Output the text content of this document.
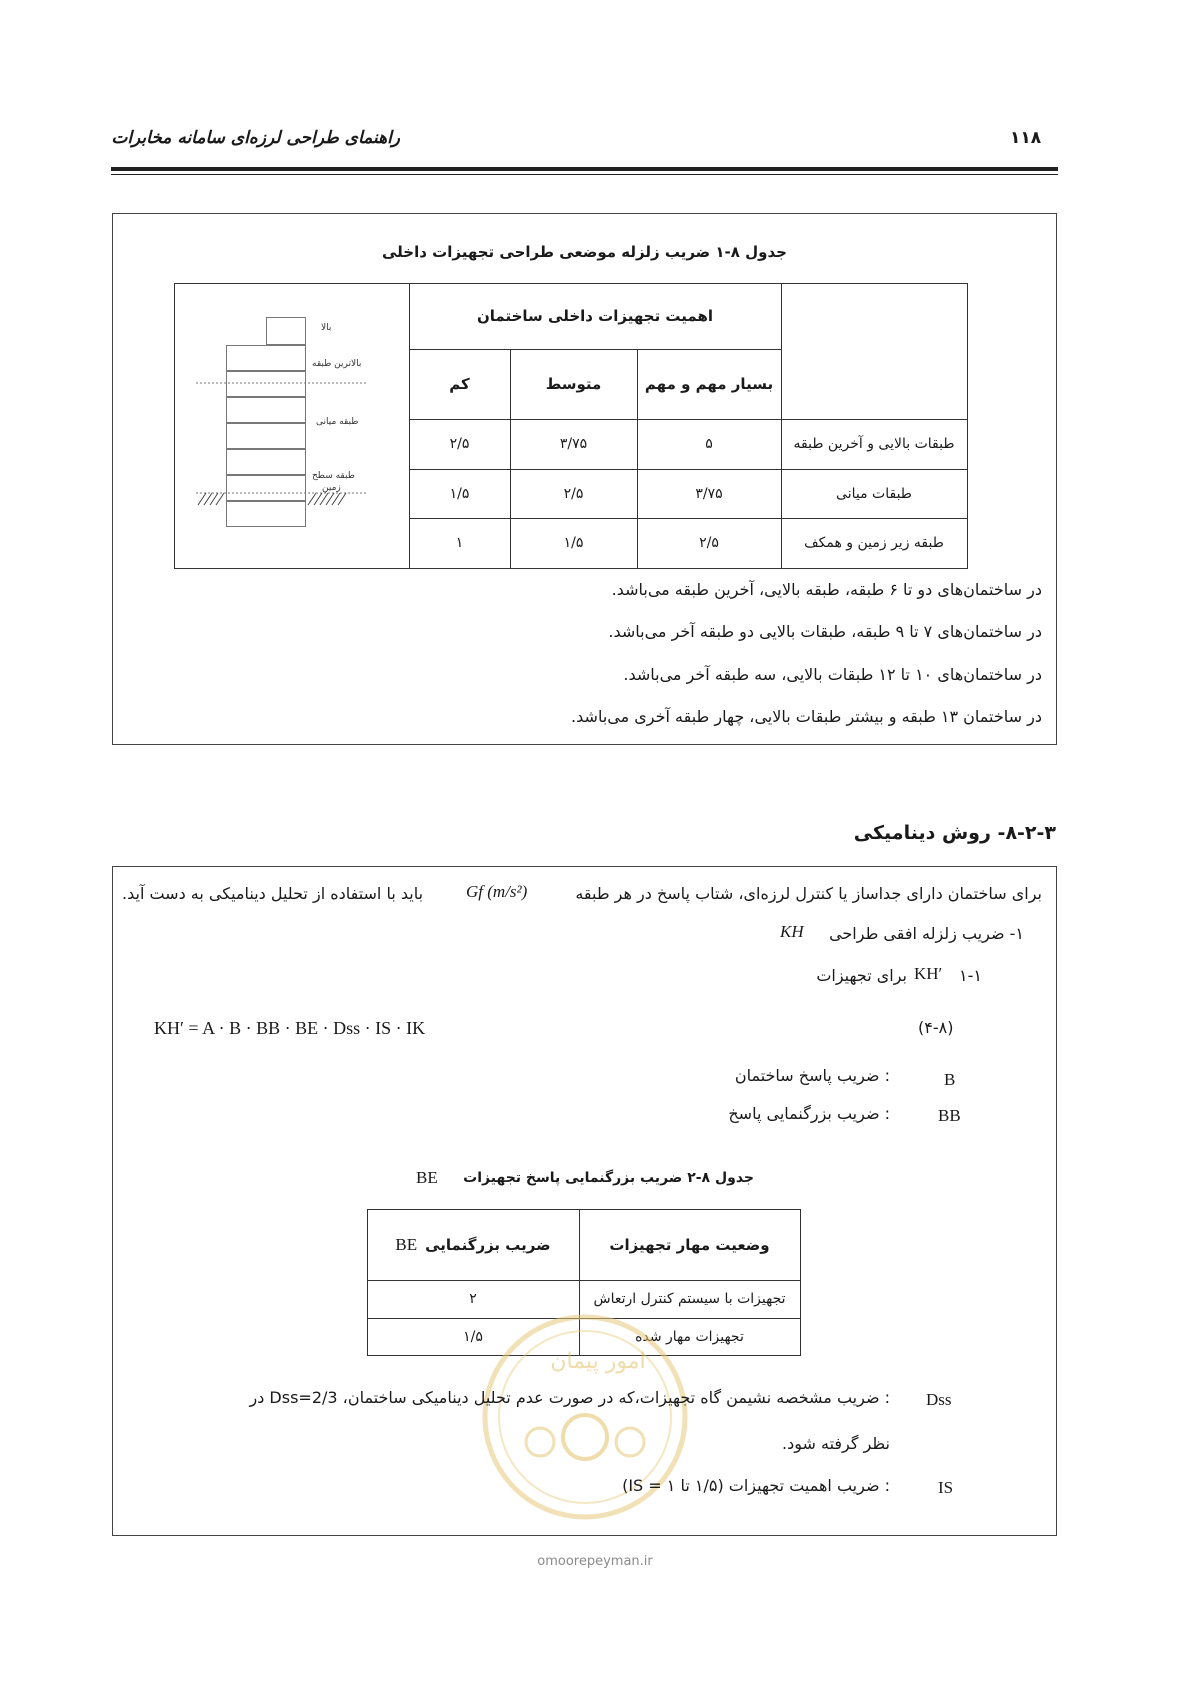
راهنمای طراحی لرزه‌ای سامانه مخابرات	۱۱۸
جدول ۸-۱ ضریب زلزله موضعی طراحی تجهیزات داخلی
اهمیت تجهیزات داخلی ساختمان
بسیار مهم و مهم
متوسط
کم
طبقات بالایی و آخرین طبقه
۵
۳/۷۵
۲/۵
طبقات میانی
۳/۷۵
۲/۵
۱/۵
طبقه زیر زمین و همکف
۲/۵
۱/۵
۱
بالا
بالاترین طبقه
طبقه میانی
طبقه سطح
زمین
در ساختمان‌های دو تا ۶ طبقه، طبقه بالایی، آخرین طبقه می‌باشد.
در ساختمان‌های ۷ تا ۹ طبقه، طبقات بالایی دو طبقه آخر می‌باشد.
در ساختمان‌های ۱۰ تا ۱۲ طبقات بالایی، سه طبقه آخر می‌باشد.
در ساختمان ۱۳ طبقه و بیشتر طبقات بالایی، چهار طبقه آخری می‌باشد.
۸-۲-۳- روش دینامیکی
برای ساختمان دارای جداساز یا کنترل لرزه‌ای، شتاب پاسخ در هر طبقه
Gf (m/s²)
باید با استفاده از تحلیل دینامیکی به دست آید.
۱- ضریب زلزله افقی طراحی
KH
۱-۱
KH′
برای تجهیزات
KH′ = A · B · BB · BE · Dss · IS · IK	(۴-۸)
B
: ضریب پاسخ ساختمان
BB
: ضریب بزرگنمایی پاسخ
جدول ۸-۲ ضریب بزرگنمایی پاسخ تجهیزات
BE
وضعیت مهار تجهیزات
ضریب بزرگنمایی
BE
تجهیزات با سیستم کنترل ارتعاش
۲
تجهیزات مهار شده
۱/۵
امور پیمان
Dss
: ضریب مشخصه نشیمن گاه تجهیزات،که در صورت عدم تحلیل دینامیکی ساختمان، Dss=2/3 در
نظر گرفته شود.
IS
: ضریب اهمیت تجهیزات (۱/۵ تا ۱ = IS)
omoorepeyman.ir
